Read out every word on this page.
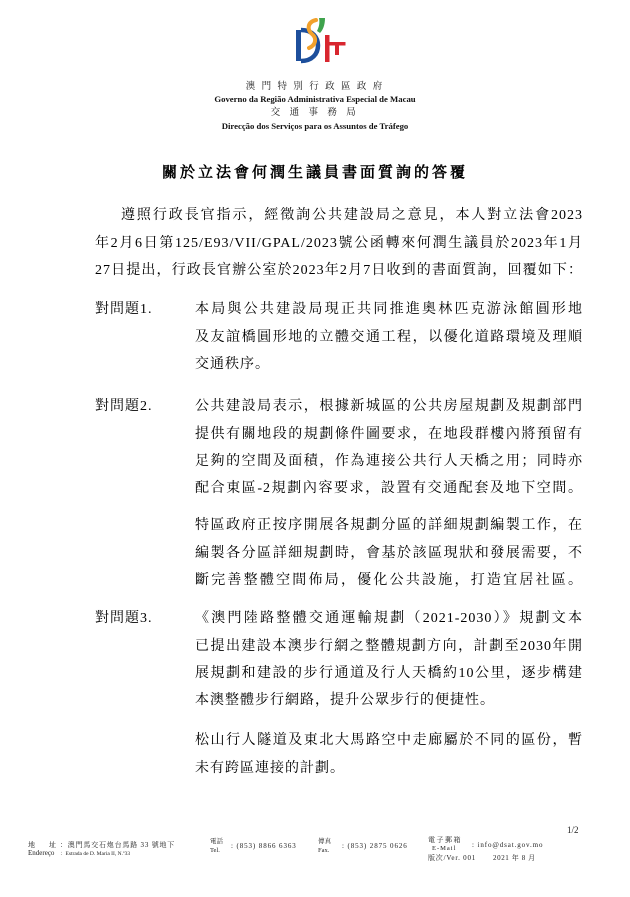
澳 門 特 別 行 政 區 政 府
Governo da Região Administrativa Especial de Macau
交 通 事 務 局
Direcção dos Serviços para os Assuntos de Tráfego
關於立法會何潤生議員書面質詢的答覆
遵照行政長官指示，經徵詢公共建設局之意見，本人對立法會2023
年2月6日第125/E93/VII/GPAL/2023號公函轉來何潤生議員於2023年1月
27日提出，行政長官辦公室於2023年2月7日收到的書面質詢，回覆如下：
對問題1.	本局與公共建設局現正共同推進奧林匹克游泳館圓形地
及友誼橋圓形地的立體交通工程，以優化道路環境及理順
交通秩序。
對問題2.	公共建設局表示，根據新城區的公共房屋規劃及規劃部門
提供有關地段的規劃條件圖要求，在地段群樓內將預留有
足夠的空間及面積，作為連接公共行人天橋之用；同時亦
配合東區-2規劃內容要求，設置有交通配套及地下空間。
特區政府正按序開展各規劃分區的詳細規劃編製工作，在
編製各分區詳細規劃時，會基於該區現狀和發展需要，不
斷完善整體空間佈局，優化公共設施，打造宜居社區。
對問題3.	《澳門陸路整體交通運輸規劃（2021-2030）》規劃文本
已提出建設本澳步行網之整體規劃方向，計劃至2030年開
展規劃和建設的步行通道及行人天橋約10公里，逐步構建
本澳整體步行網路，提升公眾步行的便捷性。
松山行人隧道及東北大馬路空中走廊屬於不同的區份，暫
未有跨區連接的計劃。
1/2
地　　址 ：澳門馬交石炮台馬路 33 號地下
Endereço ：Estrada de D. Maria II, N.º33
電話
Tel.
: (853) 8866 6363
傳真
Fax.
: (853) 2875 0626
電子郵箱
E-Mail : info@dsat.gov.mo
版次/Ver. 001 2021 年 8 月
